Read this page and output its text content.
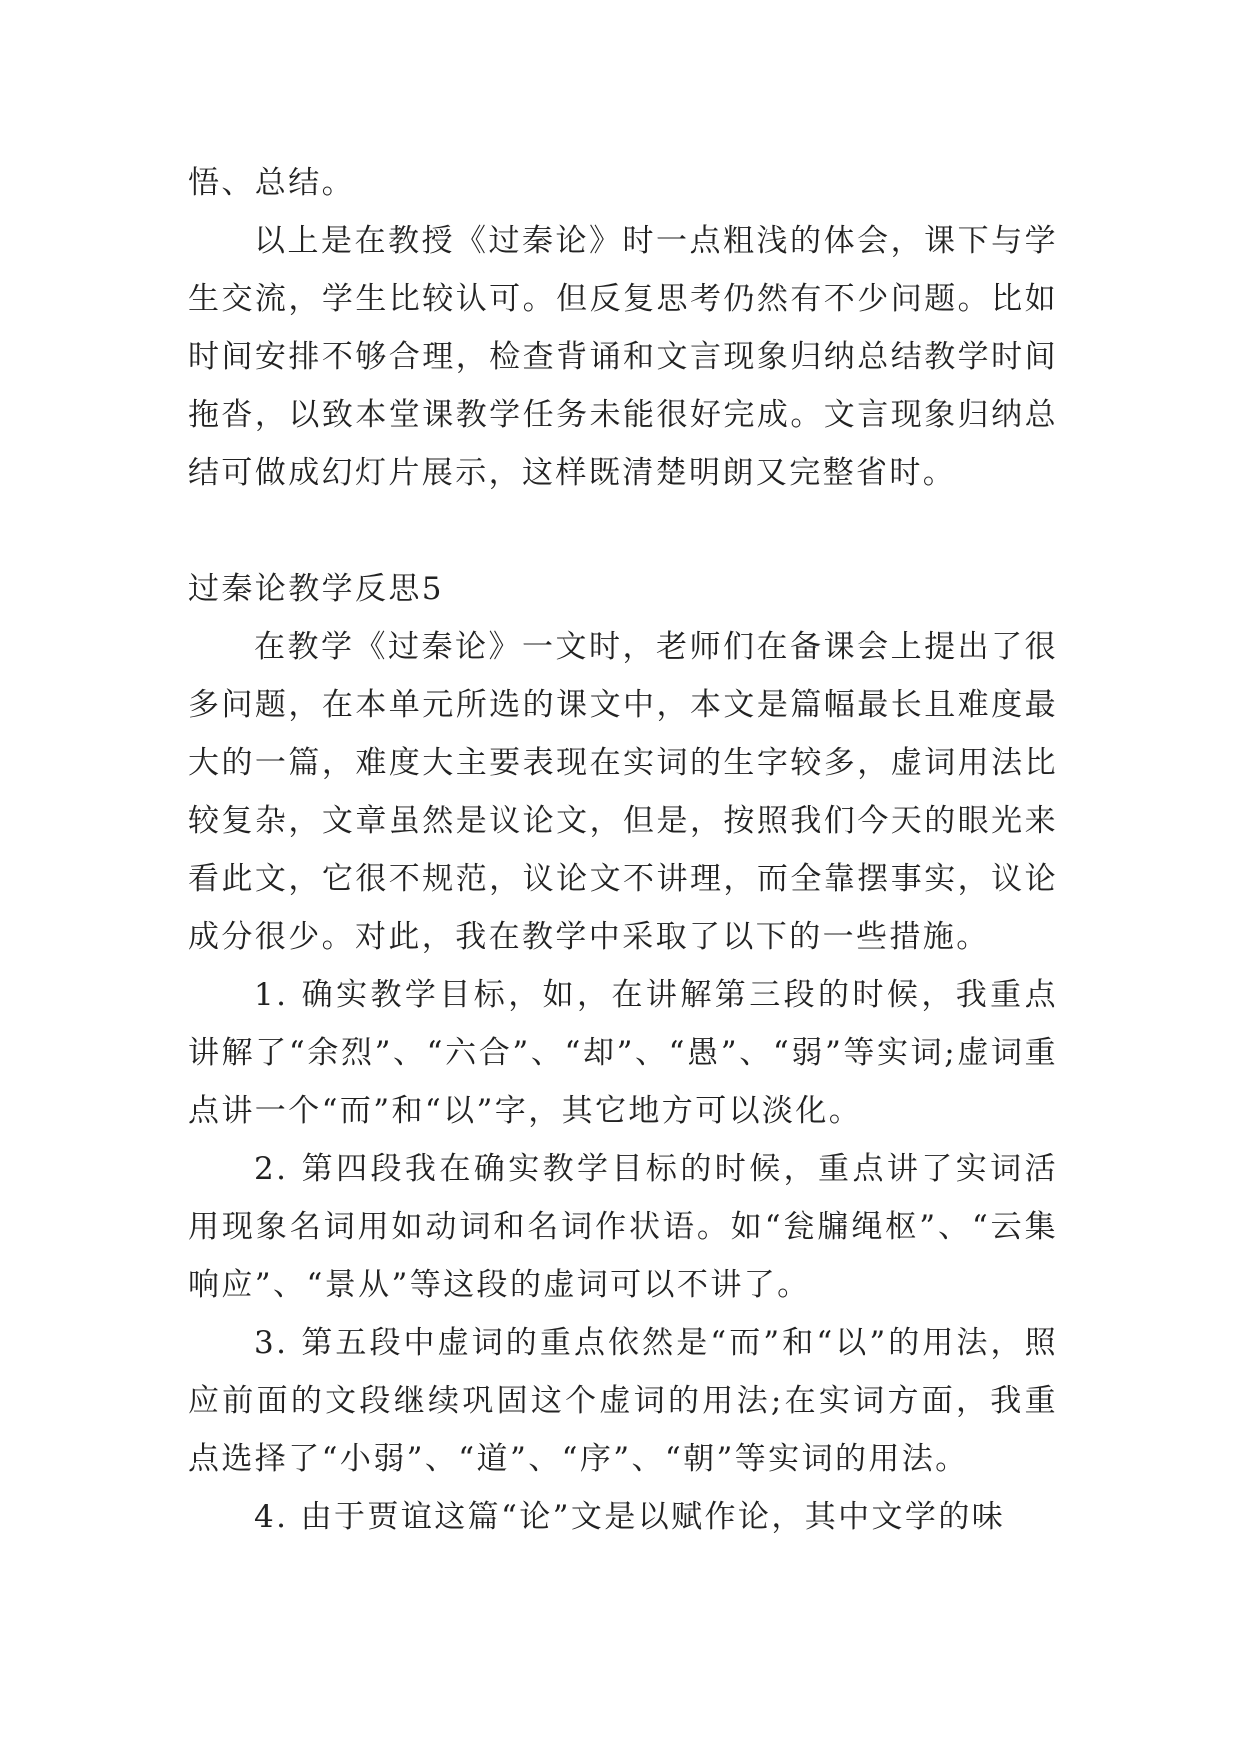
悟、总结。

以上是在教授《过秦论》时一点粗浅的体会，课下与学生交流，学生比较认可。但反复思考仍然有不少问题。比如时间安排不够合理，检查背诵和文言现象归纳总结教学时间拖沓，以致本堂课教学任务未能很好完成。文言现象归纳总结可做成幻灯片展示，这样既清楚明朗又完整省时。

过秦论教学反思5

在教学《过秦论》一文时，老师们在备课会上提出了很多问题，在本单元所选的课文中，本文是篇幅最长且难度最大的一篇，难度大主要表现在实词的生字较多，虚词用法比较复杂，文章虽然是议论文，但是，按照我们今天的眼光来看此文，它很不规范，议论文不讲理，而全靠摆事实，议论成分很少。对此，我在教学中采取了以下的一些措施。

1. 确实教学目标，如，在讲解第三段的时候，我重点讲解了“余烈”、“六合”、“却”、“愚”、“弱”等实词;虚词重点讲一个“而”和“以”字，其它地方可以淡化。

2. 第四段我在确实教学目标的时候，重点讲了实词活用现象名词用如动词和名词作状语。如“瓮牖绳枢”、“云集响应”、“景从”等这段的虚词可以不讲了。

3. 第五段中虚词的重点依然是“而”和“以”的用法，照应前面的文段继续巩固这个虚词的用法;在实词方面，我重点选择了“小弱”、“道”、“序”、“朝”等实词的用法。

4. 由于贾谊这篇“论”文是以赋作论，其中文学的味
